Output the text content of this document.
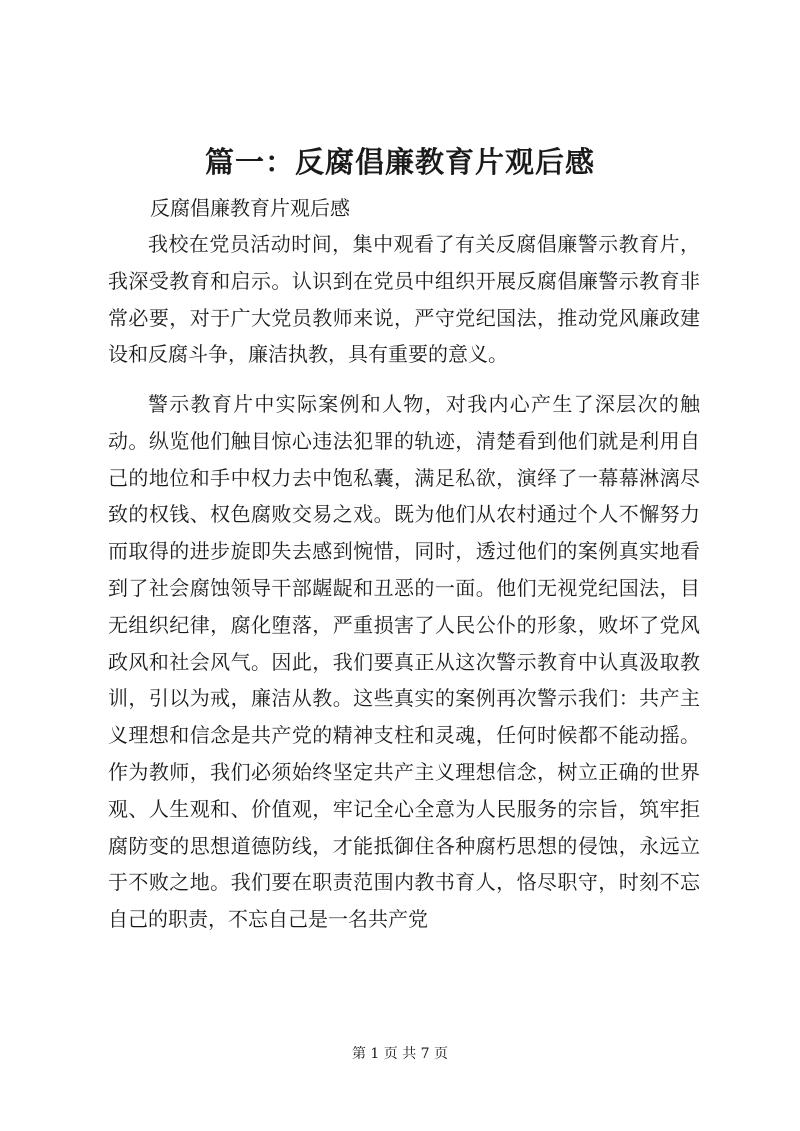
篇一：反腐倡廉教育片观后感
反腐倡廉教育片观后感

我校在党员活动时间，集中观看了有关反腐倡廉警示教育片，我深受教育和启示。认识到在党员中组织开展反腐倡廉警示教育非常必要，对于广大党员教师来说，严守党纪国法，推动党风廉政建设和反腐斗争，廉洁执教，具有重要的意义。

警示教育片中实际案例和人物，对我内心产生了深层次的触动。纵览他们触目惊心违法犯罪的轨迹，清楚看到他们就是利用自己的地位和手中权力去中饱私囊，满足私欲，演绎了一幕幕淋漓尽致的权钱、权色腐败交易之戏。既为他们从农村通过个人不懈努力而取得的进步旋即失去感到惋惜，同时，透过他们的案例真实地看到了社会腐蚀领导干部龌龊和丑恶的一面。他们无视党纪国法，目无组织纪律，腐化堕落，严重损害了人民公仆的形象，败坏了党风政风和社会风气。因此，我们要真正从这次警示教育中认真汲取教训，引以为戒，廉洁从教。这些真实的案例再次警示我们：共产主义理想和信念是共产党的精神支柱和灵魂，任何时候都不能动摇。作为教师，我们必须始终坚定共产主义理想信念，树立正确的世界观、人生观和、价值观，牢记全心全意为人民服务的宗旨，筑牢拒腐防变的思想道德防线，才能抵御住各种腐朽思想的侵蚀，永远立于不败之地。我们要在职责范围内教书育人，恪尽职守，时刻不忘自己的职责，不忘自己是一名共产党

第 1 页 共 7 页
